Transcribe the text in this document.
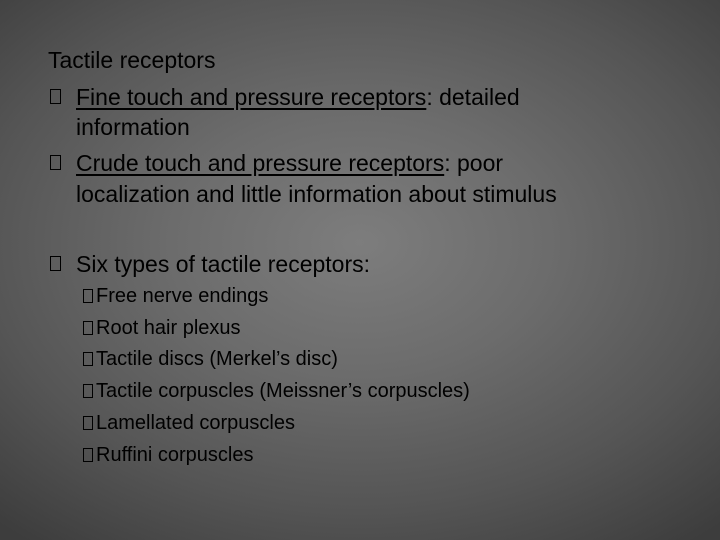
Tactile receptors
Fine touch and pressure receptors: detailed
information
Crude touch and pressure receptors: poor
localization and little information about stimulus
Six types of tactile receptors:
Free nerve endings
Root hair plexus
Tactile discs (Merkel’s disc)
Tactile corpuscles (Meissner’s corpuscles)
Lamellated corpuscles
Ruffini corpuscles
